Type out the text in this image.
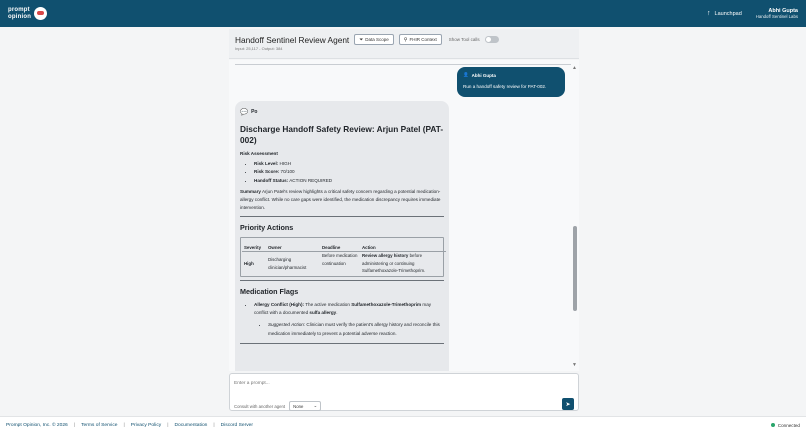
prompt
opinion	↑ Launchpad	Abhi Gupta
Handoff Sentinel Labs
Handoff Sentinel Review Agent ⏷ Data Scope	⚲ FHIR Context	Show Tool calls
Input: 25,117 - Output: 384
👤 Abhi Gupta
Run a handoff safety review for PAT-002.
💬 Po
Discharge Handoff Safety Review: Arjun Patel (PAT-002)
Risk Assessment
• Risk Level: HIGH
• Risk Score: 70/100
• Handoff Status: ACTION REQUIRED
Summary Arjun Patel's review highlights a critical safety concern regarding a potential medication-allergy conflict. While no care gaps were identified, the medication discrepancy requires immediate intervention.
Priority Actions
Severity	Owner	Deadline	Action
High	Discharging clinician/pharmacist	Before medication continuation	Review allergy history before administering or continuing Sulfamethoxazole-Trimethoprim.
Medication Flags
• Allergy Conflict (High): The active medication Sulfamethoxazole-Trimethoprim may conflict with a documented sulfa allergy.
• Suggested Action: Clinician must verify the patient's allergy history and reconcile this medication immediately to prevent a potential adverse reaction.
▲
▼
Enter a prompt...
Consult with another agent None ⌄	➤
Prompt Opinion, Inc. © 2026 | Terms of Service | Privacy Policy | Documentation | Discord Server	Connected
